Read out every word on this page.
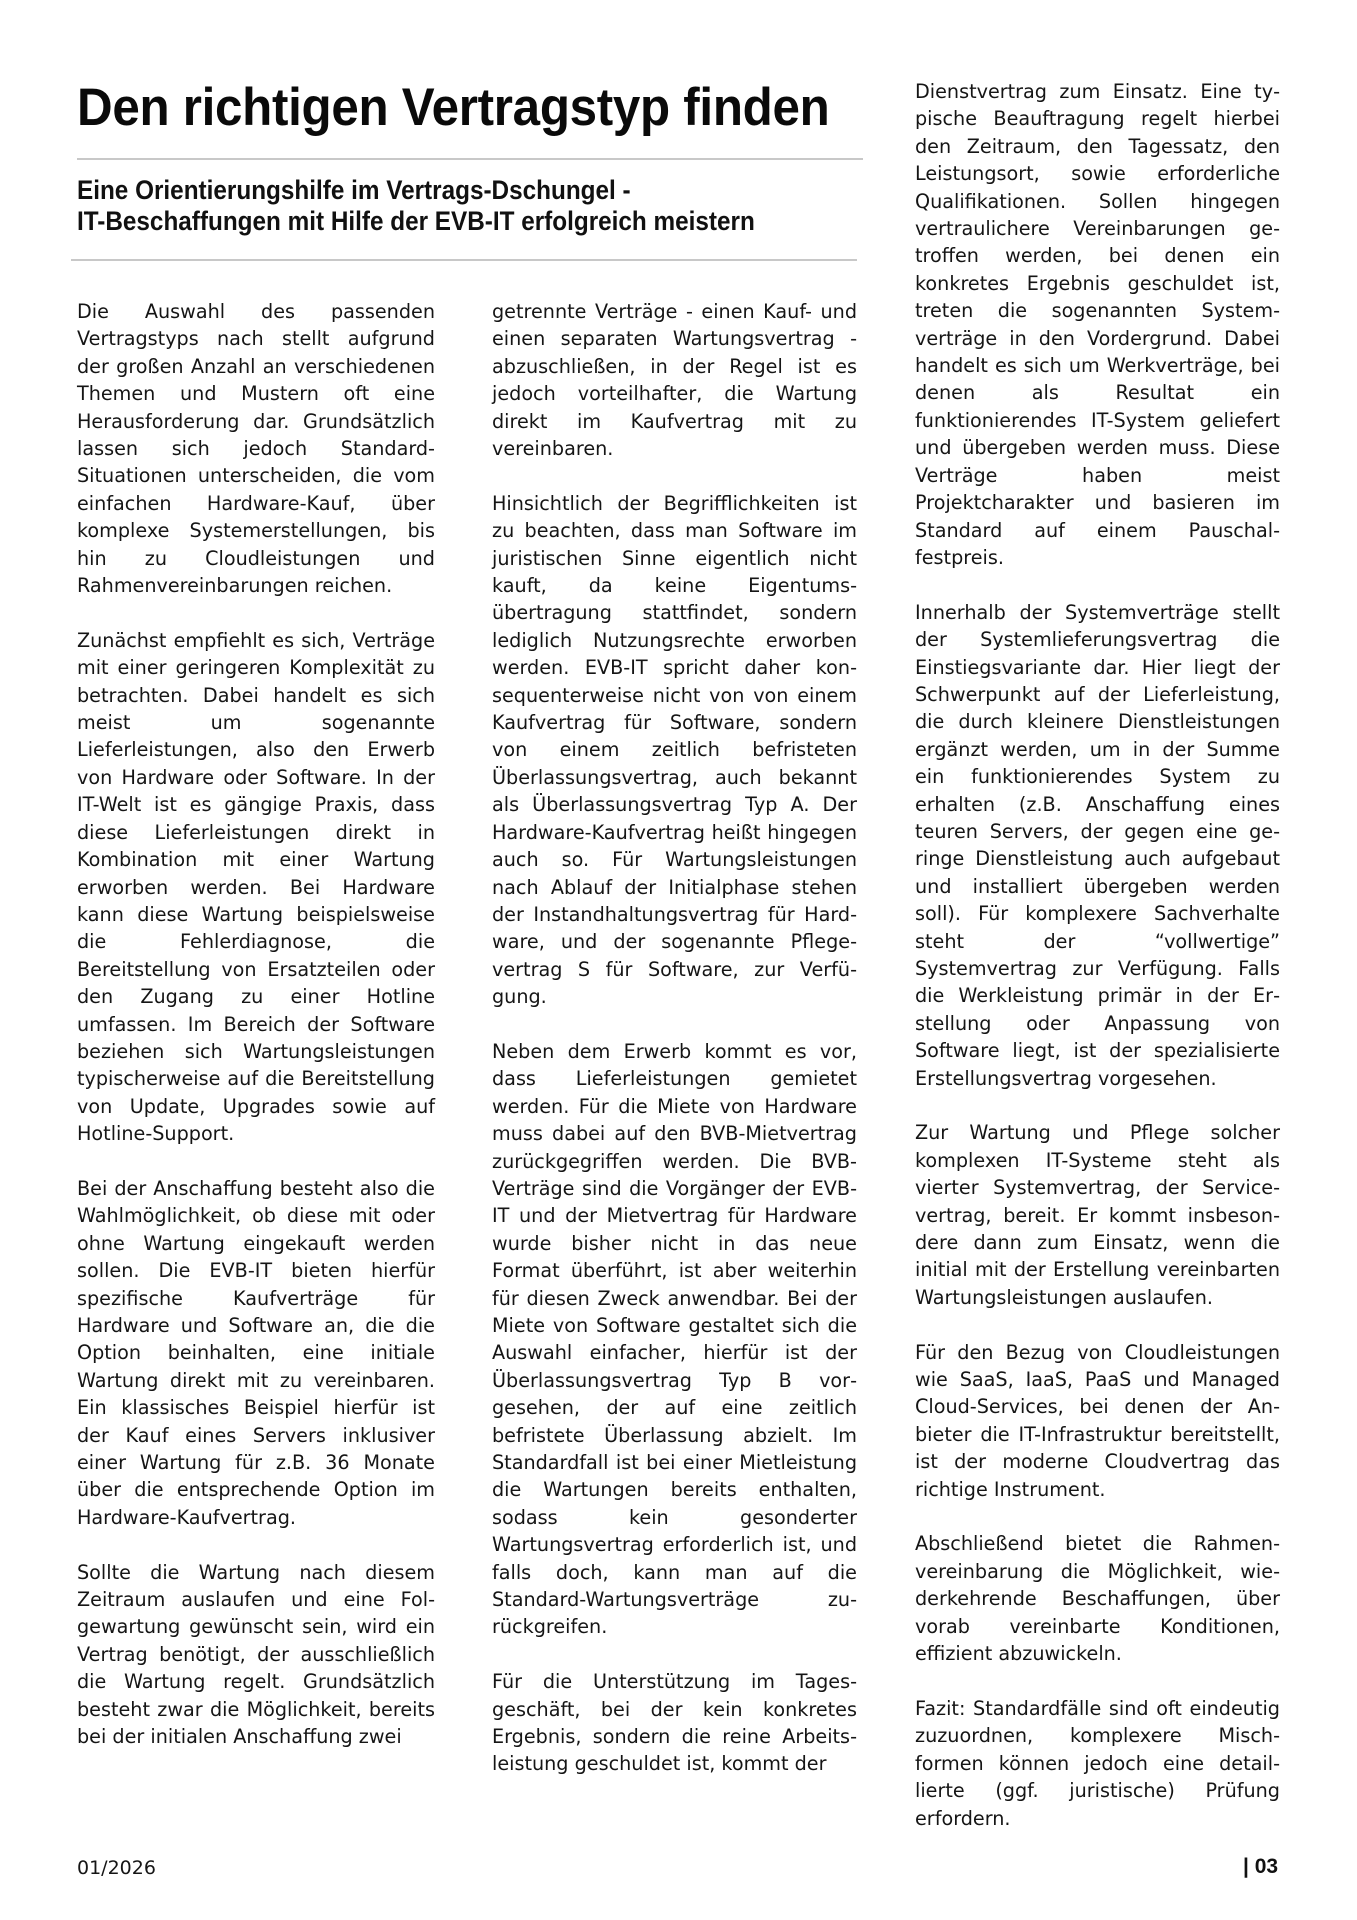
Den richtigen Vertragstyp finden
Eine Orientierungshilfe im Vertrags-Dschungel -
IT-Beschaffungen mit Hilfe der EVB-IT erfolgreich meistern

Die Auswahl des passenden Vertragstyps nach stellt aufgrund der großen Anzahl an verschiedenen Themen und Mustern oft eine Herausforderung dar. Grundsätzlich lassen sich jedoch Standard-Situationen unterscheiden, die vom einfachen Hardware-Kauf, über komplexe Systemerstellungen, bis hin zu Cloudleistungen und Rahmenvereinbarungen reichen.

Zunächst empfiehlt es sich, Verträge mit einer geringeren Komplexität zu betrachten. Dabei handelt es sich meist um sogenannte Lieferleistungen, also den Erwerb von Hardware oder Software. In der IT-Welt ist es gängige Praxis, dass diese Lieferleistungen direkt in Kombination mit einer Wartung erworben werden. Bei Hardware kann diese Wartung beispielsweise die Fehlerdiagnose, die Bereitstellung von Ersatzteilen oder den Zugang zu einer Hotline umfassen. Im Bereich der Software beziehen sich Wartungsleistungen typischerweise auf die Bereitstellung von Update, Upgrades sowie auf Hotline-Support.

Bei der Anschaffung besteht also die Wahlmöglichkeit, ob diese mit oder ohne Wartung eingekauft werden sollen. Die EVB-IT bieten hierfür spezifische Kaufverträge für Hardware und Software an, die die Option beinhalten, eine initiale Wartung direkt mit zu vereinbaren. Ein klassisches Beispiel hierfür ist der Kauf eines Servers inklusiver einer Wartung für z.B. 36 Monate über die entsprechende Option im Hardware-Kaufvertrag.

Sollte die Wartung nach diesem Zeitraum auslaufen und eine Folgewartung gewünscht sein, wird ein Vertrag benötigt, der ausschließlich die Wartung regelt. Grundsätzlich besteht zwar die Möglichkeit, bereits bei der initialen Anschaffung zwei

getrennte Verträge - einen Kauf- und einen separaten Wartungsvertrag - abzuschließen, in der Regel ist es jedoch vorteilhafter, die Wartung direkt im Kaufvertrag mit zu vereinbaren.

Hinsichtlich der Begrifflichkeiten ist zu beachten, dass man Software im juristischen Sinne eigentlich nicht kauft, da keine Eigentumsübertragung stattfindet, sondern lediglich Nutzungsrechte erworben werden. EVB-IT spricht daher konsequenterweise nicht von von einem Kaufvertrag für Software, sondern von einem zeitlich befristeten Überlassungsvertrag, auch bekannt als Überlassungsvertrag Typ A. Der Hardware-Kaufvertrag heißt hingegen auch so. Für Wartungsleistungen nach Ablauf der Initialphase stehen der Instandhaltungsvertrag für Hardware, und der sogenannte Pflegevertrag S für Software, zur Verfügung.

Neben dem Erwerb kommt es vor, dass Lieferleistungen gemietet werden. Für die Miete von Hardware muss dabei auf den BVB-Mietvertrag zurückgegriffen werden. Die BVB-Verträge sind die Vorgänger der EVB-IT und der Mietvertrag für Hardware wurde bisher nicht in das neue Format überführt, ist aber weiterhin für diesen Zweck anwendbar. Bei der Miete von Software gestaltet sich die Auswahl einfacher, hierfür ist der Überlassungsvertrag Typ B vorgesehen, der auf eine zeitlich befristete Überlassung abzielt. Im Standardfall ist bei einer Mietleistung die Wartungen bereits enthalten, sodass kein gesonderter Wartungsvertrag erforderlich ist, und falls doch, kann man auf die Standard-Wartungsverträge zurückgreifen.

Für die Unterstützung im Tagesgeschäft, bei der kein konkretes Ergebnis, sondern die reine Arbeitsleistung geschuldet ist, kommt der

Dienstvertrag zum Einsatz. Eine typische Beauftragung regelt hierbei den Zeitraum, den Tagessatz, den Leistungsort, sowie erforderliche Qualifikationen. Sollen hingegen vertraulichere Vereinbarungen getroffen werden, bei denen ein konkretes Ergebnis geschuldet ist, treten die sogenannten Systemverträge in den Vordergrund. Dabei handelt es sich um Werkverträge, bei denen als Resultat ein funktionierendes IT-System geliefert und übergeben werden muss. Diese Verträge haben meist Projektcharakter und basieren im Standard auf einem Pauschalfestpreis.

Innerhalb der Systemverträge stellt der Systemlieferungsvertrag die Einstiegsvariante dar. Hier liegt der Schwerpunkt auf der Lieferleistung, die durch kleinere Dienstleistungen ergänzt werden, um in der Summe ein funktionierendes System zu erhalten (z.B. Anschaffung eines teuren Servers, der gegen eine geringe Dienstleistung auch aufgebaut und installiert übergeben werden soll). Für komplexere Sachverhalte steht der “vollwertige” Systemvertrag zur Verfügung. Falls die Werkleistung primär in der Erstellung oder Anpassung von Software liegt, ist der spezialisierte Erstellungsvertrag vorgesehen.

Zur Wartung und Pflege solcher komplexen IT-Systeme steht als vierter Systemvertrag, der Servicevertrag, bereit. Er kommt insbesondere dann zum Einsatz, wenn die initial mit der Erstellung vereinbarten Wartungsleistungen auslaufen.

Für den Bezug von Cloudleistungen wie SaaS, IaaS, PaaS und Managed Cloud-Services, bei denen der Anbieter die IT-Infrastruktur bereitstellt, ist der moderne Cloudvertrag das richtige Instrument.

Abschließend bietet die Rahmenvereinbarung die Möglichkeit, wiederkehrende Beschaffungen, über vorab vereinbarte Konditionen, effizient abzuwickeln.

Fazit: Standardfälle sind oft eindeutig zuzuordnen, komplexere Mischformen können jedoch eine detaillierte (ggf. juristische) Prüfung erfordern.

01/2026	| 03
